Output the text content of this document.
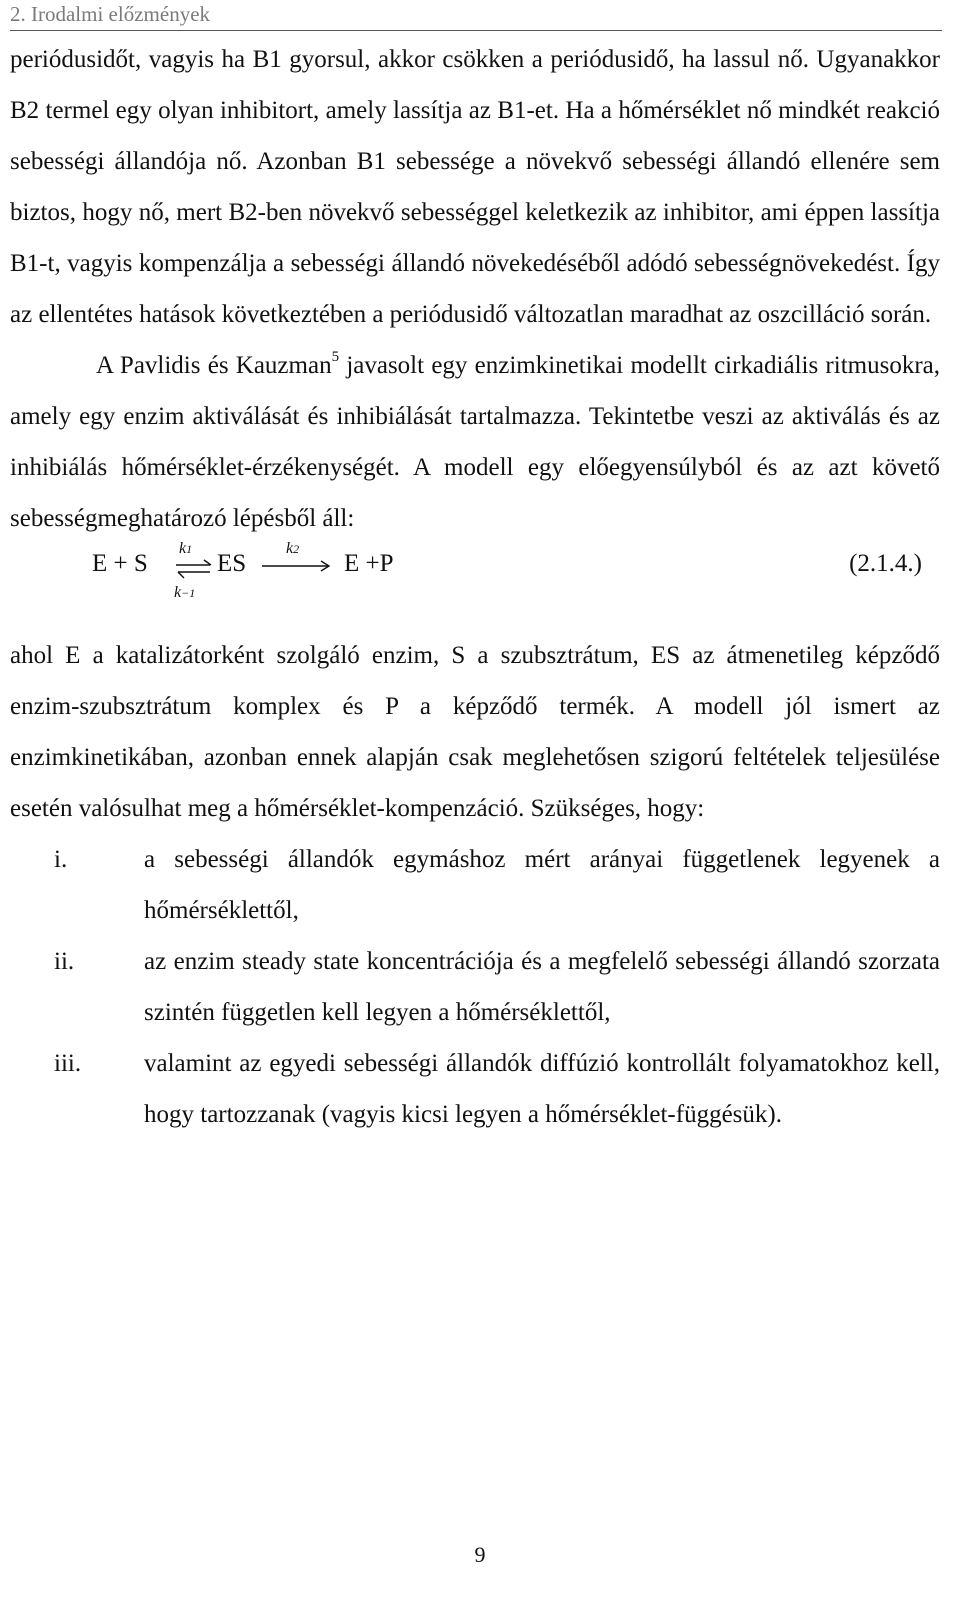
2. Irodalmi előzmények

periódusidőt, vagyis ha B1 gyorsul, akkor csökken a periódusidő, ha lassul nő. Ugyanakkor B2 termel egy olyan inhibitort, amely lassítja az B1-et. Ha a hőmérséklet nő mindkét reakció sebességi állandója nő. Azonban B1 sebessége a növekvő sebességi állandó ellenére sem biztos, hogy nő, mert B2-ben növekvő sebességgel keletkezik az inhibitor, ami éppen lassítja B1-t, vagyis kompenzálja a sebességi állandó növekedéséből adódó sebességnövekedést. Így az ellentétes hatások következtében a periódusidő változatlan maradhat az oszcilláció során.

A Pavlidis és Kauzman$^5$ javasolt egy enzimkinetikai modellt cirkadiális ritmusokra, amely egy enzim aktiválását és inhibiálását tartalmazza. Tekintetbe veszi az aktiválás és az inhibiálás hőmérséklet-érzékenységét. A modell egy előegyensúlyból és az azt követő sebességmeghatározó lépésből áll:

E + S
k1
k−1
ES
k2
E +P	(2.1.4.)

ahol E a katalizátorként szolgáló enzim, S a szubsztrátum, ES az átmenetileg képződő enzim-szubsztrátum komplex és P a képződő termék. A modell jól ismert az enzimkinetikában, azonban ennek alapján csak meglehetősen szigorú feltételek teljesülése esetén valósulhat meg a hőmérséklet-kompenzáció. Szükséges, hogy:

i.	a sebességi állandók egymáshoz mért arányai függetlenek legyenek a hőmérséklettől,
ii.	az enzim steady state koncentrációja és a megfelelő sebességi állandó szorzata szintén független kell legyen a hőmérséklettől,
iii.	valamint az egyedi sebességi állandók diffúzió kontrollált folyamatokhoz kell, hogy tartozzanak (vagyis kicsi legyen a hőmérséklet-függésük).
9
